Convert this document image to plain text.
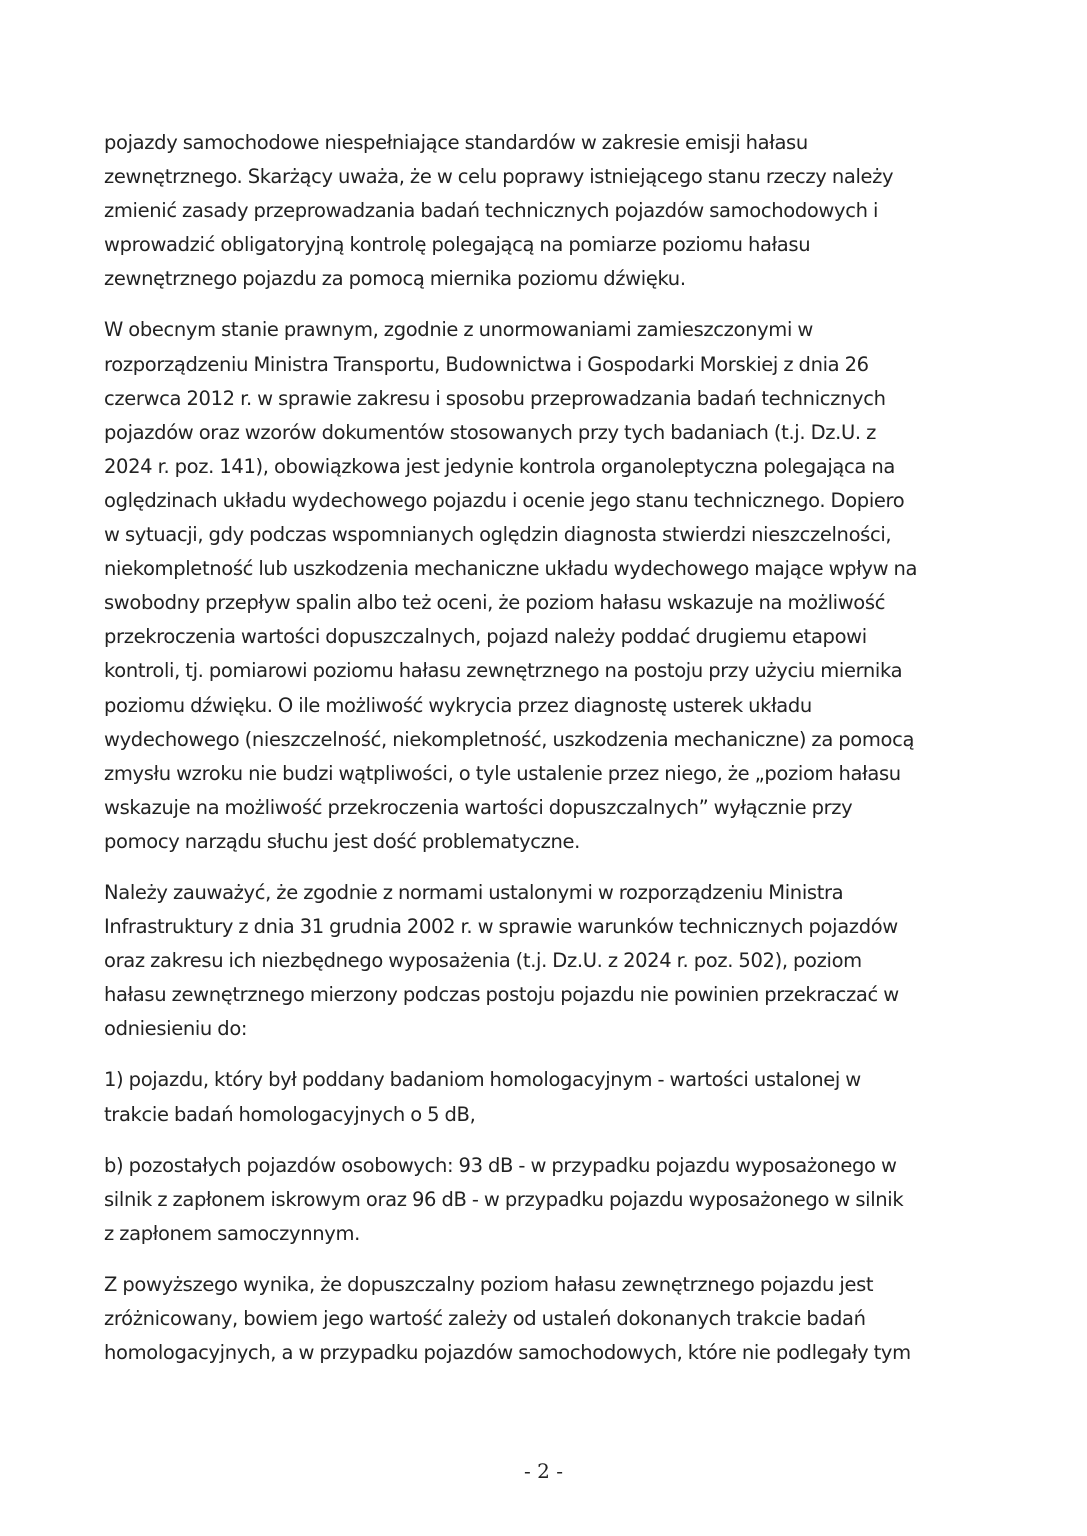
pojazdy samochodowe niespełniające standardów w zakresie emisji hałasu
zewnętrznego. Skarżący uważa, że w celu poprawy istniejącego stanu rzeczy należy
zmienić zasady przeprowadzania badań technicznych pojazdów samochodowych i
wprowadzić obligatoryjną kontrolę polegającą na pomiarze poziomu hałasu
zewnętrznego pojazdu za pomocą miernika poziomu dźwięku.

W obecnym stanie prawnym, zgodnie z unormowaniami zamieszczonymi w
rozporządzeniu Ministra Transportu, Budownictwa i Gospodarki Morskiej z dnia 26
czerwca 2012 r. w sprawie zakresu i sposobu przeprowadzania badań technicznych
pojazdów oraz wzorów dokumentów stosowanych przy tych badaniach (t.j. Dz.U. z
2024 r. poz. 141), obowiązkowa jest jedynie kontrola organoleptyczna polegająca na
oględzinach układu wydechowego pojazdu i ocenie jego stanu technicznego. Dopiero
w sytuacji, gdy podczas wspomnianych oględzin diagnosta stwierdzi nieszczelności,
niekompletność lub uszkodzenia mechaniczne układu wydechowego mające wpływ na
swobodny przepływ spalin albo też oceni, że poziom hałasu wskazuje na możliwość
przekroczenia wartości dopuszczalnych, pojazd należy poddać drugiemu etapowi
kontroli, tj. pomiarowi poziomu hałasu zewnętrznego na postoju przy użyciu miernika
poziomu dźwięku. O ile możliwość wykrycia przez diagnostę usterek układu
wydechowego (nieszczelność, niekompletność, uszkodzenia mechaniczne) za pomocą
zmysłu wzroku nie budzi wątpliwości, o tyle ustalenie przez niego, że „poziom hałasu
wskazuje na możliwość przekroczenia wartości dopuszczalnych” wyłącznie przy
pomocy narządu słuchu jest dość problematyczne.

Należy zauważyć, że zgodnie z normami ustalonymi w rozporządzeniu Ministra
Infrastruktury z dnia 31 grudnia 2002 r. w sprawie warunków technicznych pojazdów
oraz zakresu ich niezbędnego wyposażenia (t.j. Dz.U. z 2024 r. poz. 502), poziom
hałasu zewnętrznego mierzony podczas postoju pojazdu nie powinien przekraczać w
odniesieniu do:

1) pojazdu, który był poddany badaniom homologacyjnym - wartości ustalonej w
trakcie badań homologacyjnych o 5 dB,

b) pozostałych pojazdów osobowych: 93 dB - w przypadku pojazdu wyposażonego w
silnik z zapłonem iskrowym oraz 96 dB - w przypadku pojazdu wyposażonego w silnik
z zapłonem samoczynnym.

Z powyższego wynika, że dopuszczalny poziom hałasu zewnętrznego pojazdu jest
zróżnicowany, bowiem jego wartość zależy od ustaleń dokonanych trakcie badań
homologacyjnych, a w przypadku pojazdów samochodowych, które nie podlegały tym

- 2 -
